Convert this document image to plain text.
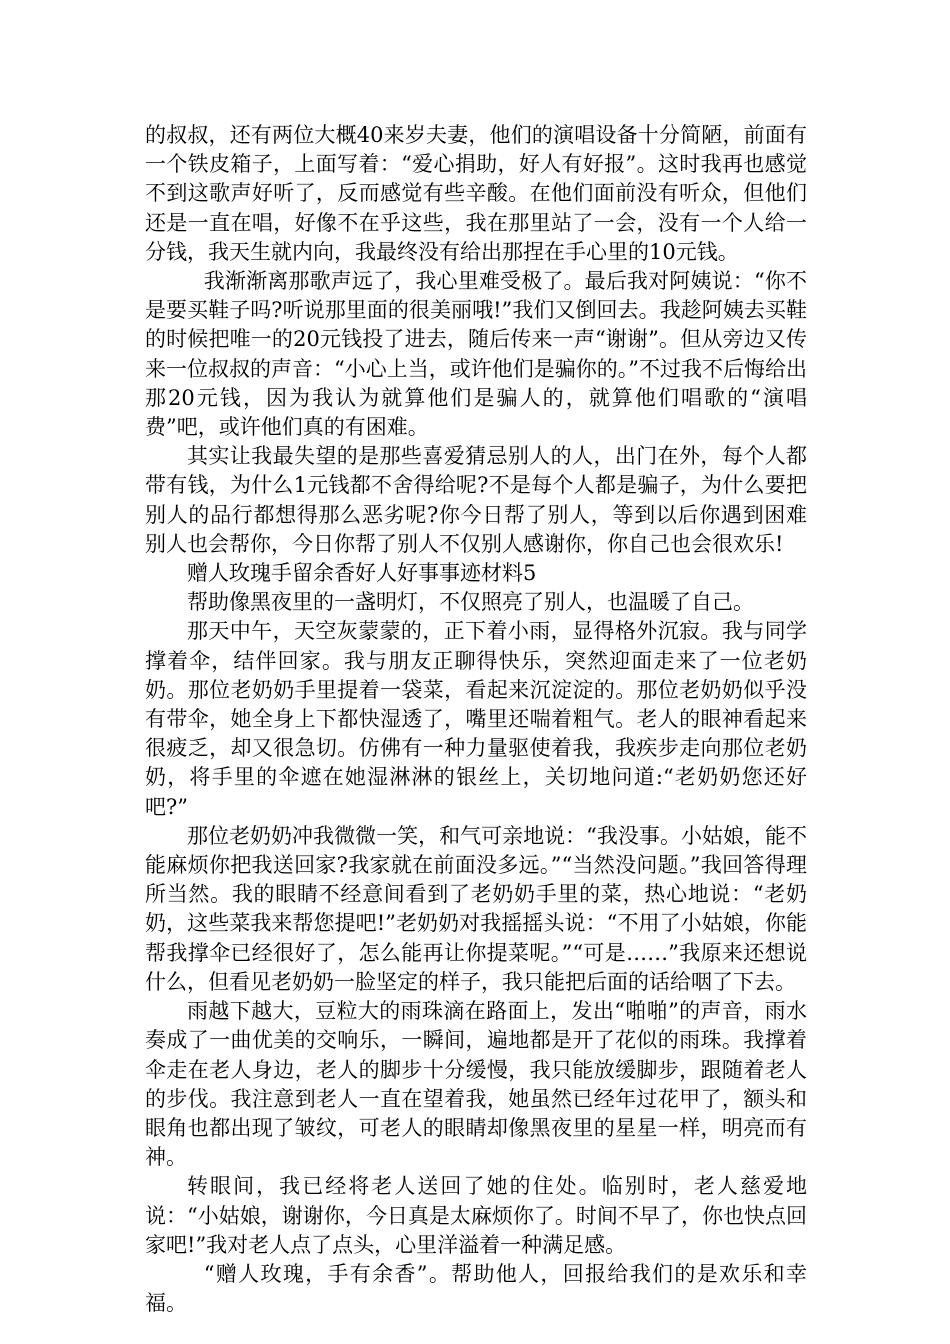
的叔叔，还有两位大概40来岁夫妻，他们的演唱设备十分简陋，前面有一个铁皮箱子，上面写着：“爱心捐助，好人有好报”。这时我再也感觉不到这歌声好听了，反而感觉有些辛酸。在他们面前没有听众，但他们还是一直在唱，好像不在乎这些，我在那里站了一会，没有一个人给一分钱，我天生就内向，我最终没有给出那捏在手心里的10元钱。

我渐渐离那歌声远了，我心里难受极了。最后我对阿姨说：“你不是要买鞋子吗?听说那里面的很美丽哦!”我们又倒回去。我趁阿姨去买鞋的时候把唯一的20元钱投了进去，随后传来一声“谢谢”。但从旁边又传来一位叔叔的声音：“小心上当，或许他们是骗你的。”不过我不后悔给出那20元钱，因为我认为就算他们是骗人的，就算他们唱歌的“演唱费”吧，或许他们真的有困难。

其实让我最失望的是那些喜爱猜忌别人的人，出门在外，每个人都带有钱，为什么1元钱都不舍得给呢?不是每个人都是骗子，为什么要把别人的品行都想得那么恶劣呢?你今日帮了别人，等到以后你遇到困难别人也会帮你，今日你帮了别人不仅别人感谢你，你自己也会很欢乐!

赠人玫瑰手留余香好人好事事迹材料5

帮助像黑夜里的一盏明灯，不仅照亮了别人，也温暖了自己。

那天中午，天空灰蒙蒙的，正下着小雨，显得格外沉寂。我与同学撑着伞，结伴回家。我与朋友正聊得快乐，突然迎面走来了一位老奶奶。那位老奶奶手里提着一袋菜，看起来沉淀淀的。那位老奶奶似乎没有带伞，她全身上下都快湿透了，嘴里还喘着粗气。老人的眼神看起来很疲乏，却又很急切。仿佛有一种力量驱使着我，我疾步走向那位老奶奶，将手里的伞遮在她湿淋淋的银丝上，关切地问道:“老奶奶您还好吧?”

那位老奶奶冲我微微一笑，和气可亲地说：“我没事。小姑娘，能不能麻烦你把我送回家?我家就在前面没多远。”“当然没问题。”我回答得理所当然。我的眼睛不经意间看到了老奶奶手里的菜，热心地说：“老奶奶，这些菜我来帮您提吧!”老奶奶对我摇摇头说：“不用了小姑娘，你能帮我撑伞已经很好了，怎么能再让你提菜呢。”“可是……”我原来还想说什么，但看见老奶奶一脸坚定的样子，我只能把后面的话给咽了下去。

雨越下越大，豆粒大的雨珠滴在路面上，发出“啪啪”的声音，雨水奏成了一曲优美的交响乐，一瞬间，遍地都是开了花似的雨珠。我撑着伞走在老人身边，老人的脚步十分缓慢，我只能放缓脚步，跟随着老人的步伐。我注意到老人一直在望着我，她虽然已经年过花甲了，额头和眼角也都出现了皱纹，可老人的眼睛却像黑夜里的星星一样，明亮而有神。

转眼间，我已经将老人送回了她的住处。临别时，老人慈爱地说：“小姑娘，谢谢你，今日真是太麻烦你了。时间不早了，你也快点回家吧!”我对老人点了点头，心里洋溢着一种满足感。

“赠人玫瑰，手有余香”。帮助他人，回报给我们的是欢乐和幸福。
